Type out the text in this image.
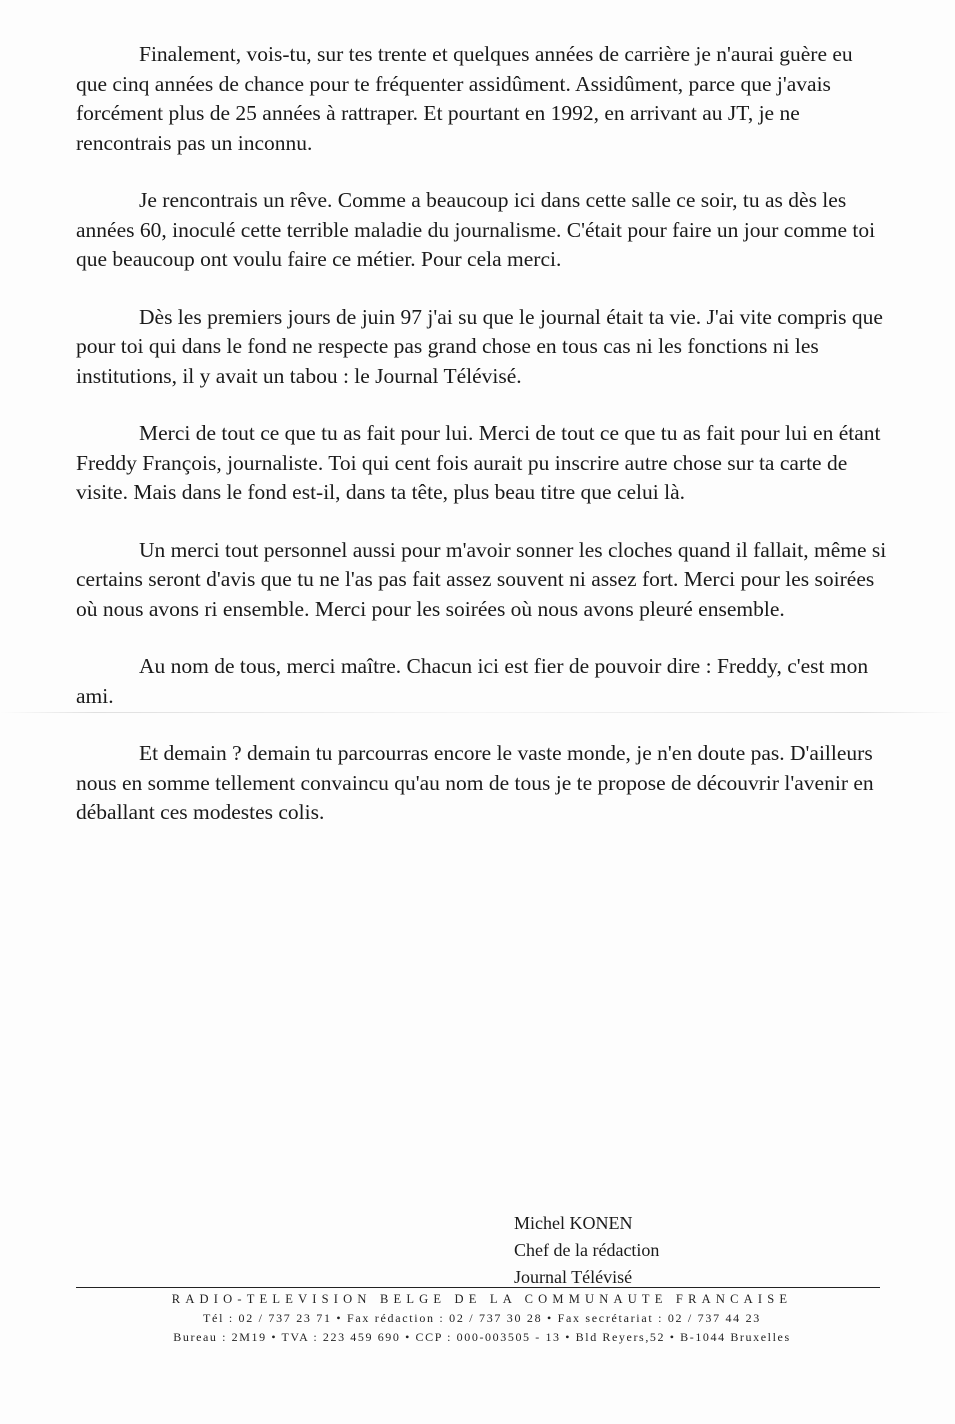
Finalement, vois-tu, sur tes trente et quelques années de carrière je n'aurai guère eu que cinq années de chance pour te fréquenter assidûment. Assidûment, parce que j'avais forcément plus de 25 années à rattraper. Et pourtant en 1992, en arrivant au JT, je ne rencontrais pas un inconnu.

Je rencontrais un rêve. Comme a beaucoup ici dans cette salle ce soir, tu as dès les années 60, inoculé cette terrible maladie du journalisme. C'était pour faire un jour comme toi que beaucoup ont voulu faire ce métier. Pour cela merci.

Dès les premiers jours de juin 97 j'ai su que le journal était ta vie. J'ai vite compris que pour toi qui dans le fond ne respecte pas grand chose en tous cas ni les fonctions ni les institutions, il y avait un tabou : le Journal Télévisé.

Merci de tout ce que tu as fait pour lui. Merci de tout ce que tu as fait pour lui en étant Freddy François, journaliste. Toi qui cent fois aurait pu inscrire autre chose sur ta carte de visite. Mais dans le fond est-il, dans ta tête, plus beau titre que celui là.

Un merci tout personnel aussi pour m'avoir sonner les cloches quand il fallait, même si certains seront d'avis que tu ne l'as pas fait assez souvent ni assez fort. Merci pour les soirées où nous avons ri ensemble. Merci pour les soirées où nous avons pleuré ensemble.

Au nom de tous, merci maître. Chacun ici est fier de pouvoir dire : Freddy, c'est mon ami.

Et demain ? demain tu parcourras encore le vaste monde, je n'en doute pas. D'ailleurs nous en somme tellement convaincu qu'au nom de tous je te propose de découvrir l'avenir en déballant ces modestes colis.

Michel KONEN
Chef de la rédaction
Journal Télévisé
RADIO-TELEVISION BELGE DE LA COMMUNAUTE FRANCAISE
Tél : 02 / 737 23 71 • Fax rédaction : 02 / 737 30 28 • Fax secrétariat : 02 / 737 44 23
Bureau : 2M19 • TVA : 223 459 690 • CCP : 000-003505 - 13 • Bld Reyers,52 • B-1044 Bruxelles
